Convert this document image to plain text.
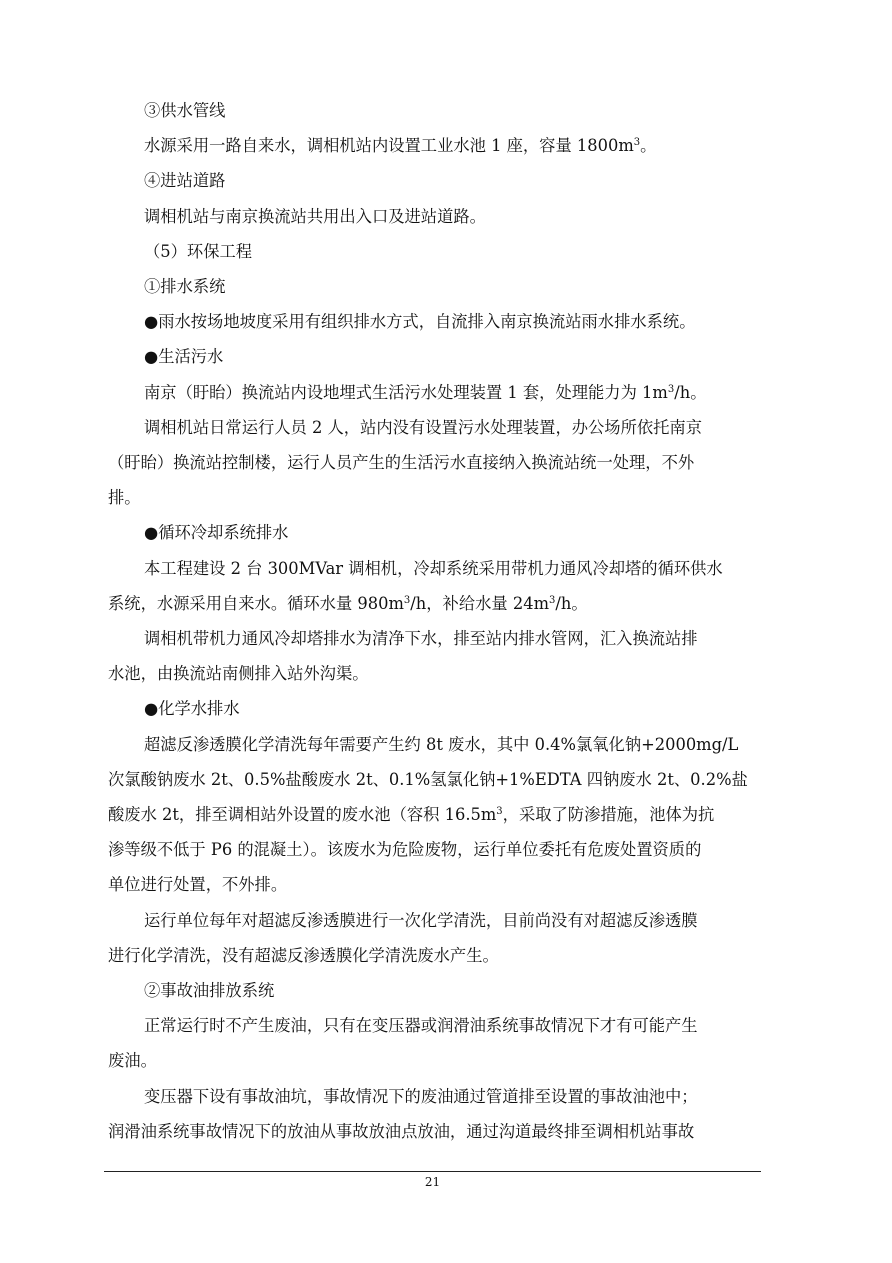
③供水管线
水源采用一路自来水，调相机站内设置工业水池 1 座，容量 $1800m^3$。
④进站道路
调相机站与南京换流站共用出入口及进站道路。
（5）环保工程
①排水系统
●雨水按场地坡度采用有组织排水方式，自流排入南京换流站雨水排水系统。
●生活污水
南京（盱眙）换流站内设地埋式生活污水处理装置 1 套，处理能力为 $1m^3/h$。
调相机站日常运行人员 2 人，站内没有设置污水处理装置，办公场所依托南京
（盱眙）换流站控制楼，运行人员产生的生活污水直接纳入换流站统一处理，不外
排。
●循环冷却系统排水
本工程建设 2 台 300MVar 调相机，冷却系统采用带机力通风冷却塔的循环供水
系统，水源采用自来水。循环水量 $980m^3/h$，补给水量 $24m^3/h$。
调相机带机力通风冷却塔排水为清净下水，排至站内排水管网，汇入换流站排
水池，由换流站南侧排入站外沟渠。
●化学水排水
超滤反渗透膜化学清洗每年需要产生约 8t 废水，其中 0.4%氯氧化钠+2000mg/L
次氯酸钠废水 2t、0.5%盐酸废水 2t、0.1%氢氯化钠+1%EDTA 四钠废水 2t、0.2%盐
酸废水 2t，排至调相站外设置的废水池（容积 $16.5m^3$，采取了防渗措施，池体为抗
渗等级不低于 P6 的混凝土）。该废水为危险废物，运行单位委托有危废处置资质的
单位进行处置，不外排。
运行单位每年对超滤反渗透膜进行一次化学清洗，目前尚没有对超滤反渗透膜
进行化学清洗，没有超滤反渗透膜化学清洗废水产生。
②事故油排放系统
正常运行时不产生废油，只有在变压器或润滑油系统事故情况下才有可能产生
废油。
变压器下设有事故油坑，事故情况下的废油通过管道排至设置的事故油池中；
润滑油系统事故情况下的放油从事故放油点放油，通过沟道最终排至调相机站事故
21
